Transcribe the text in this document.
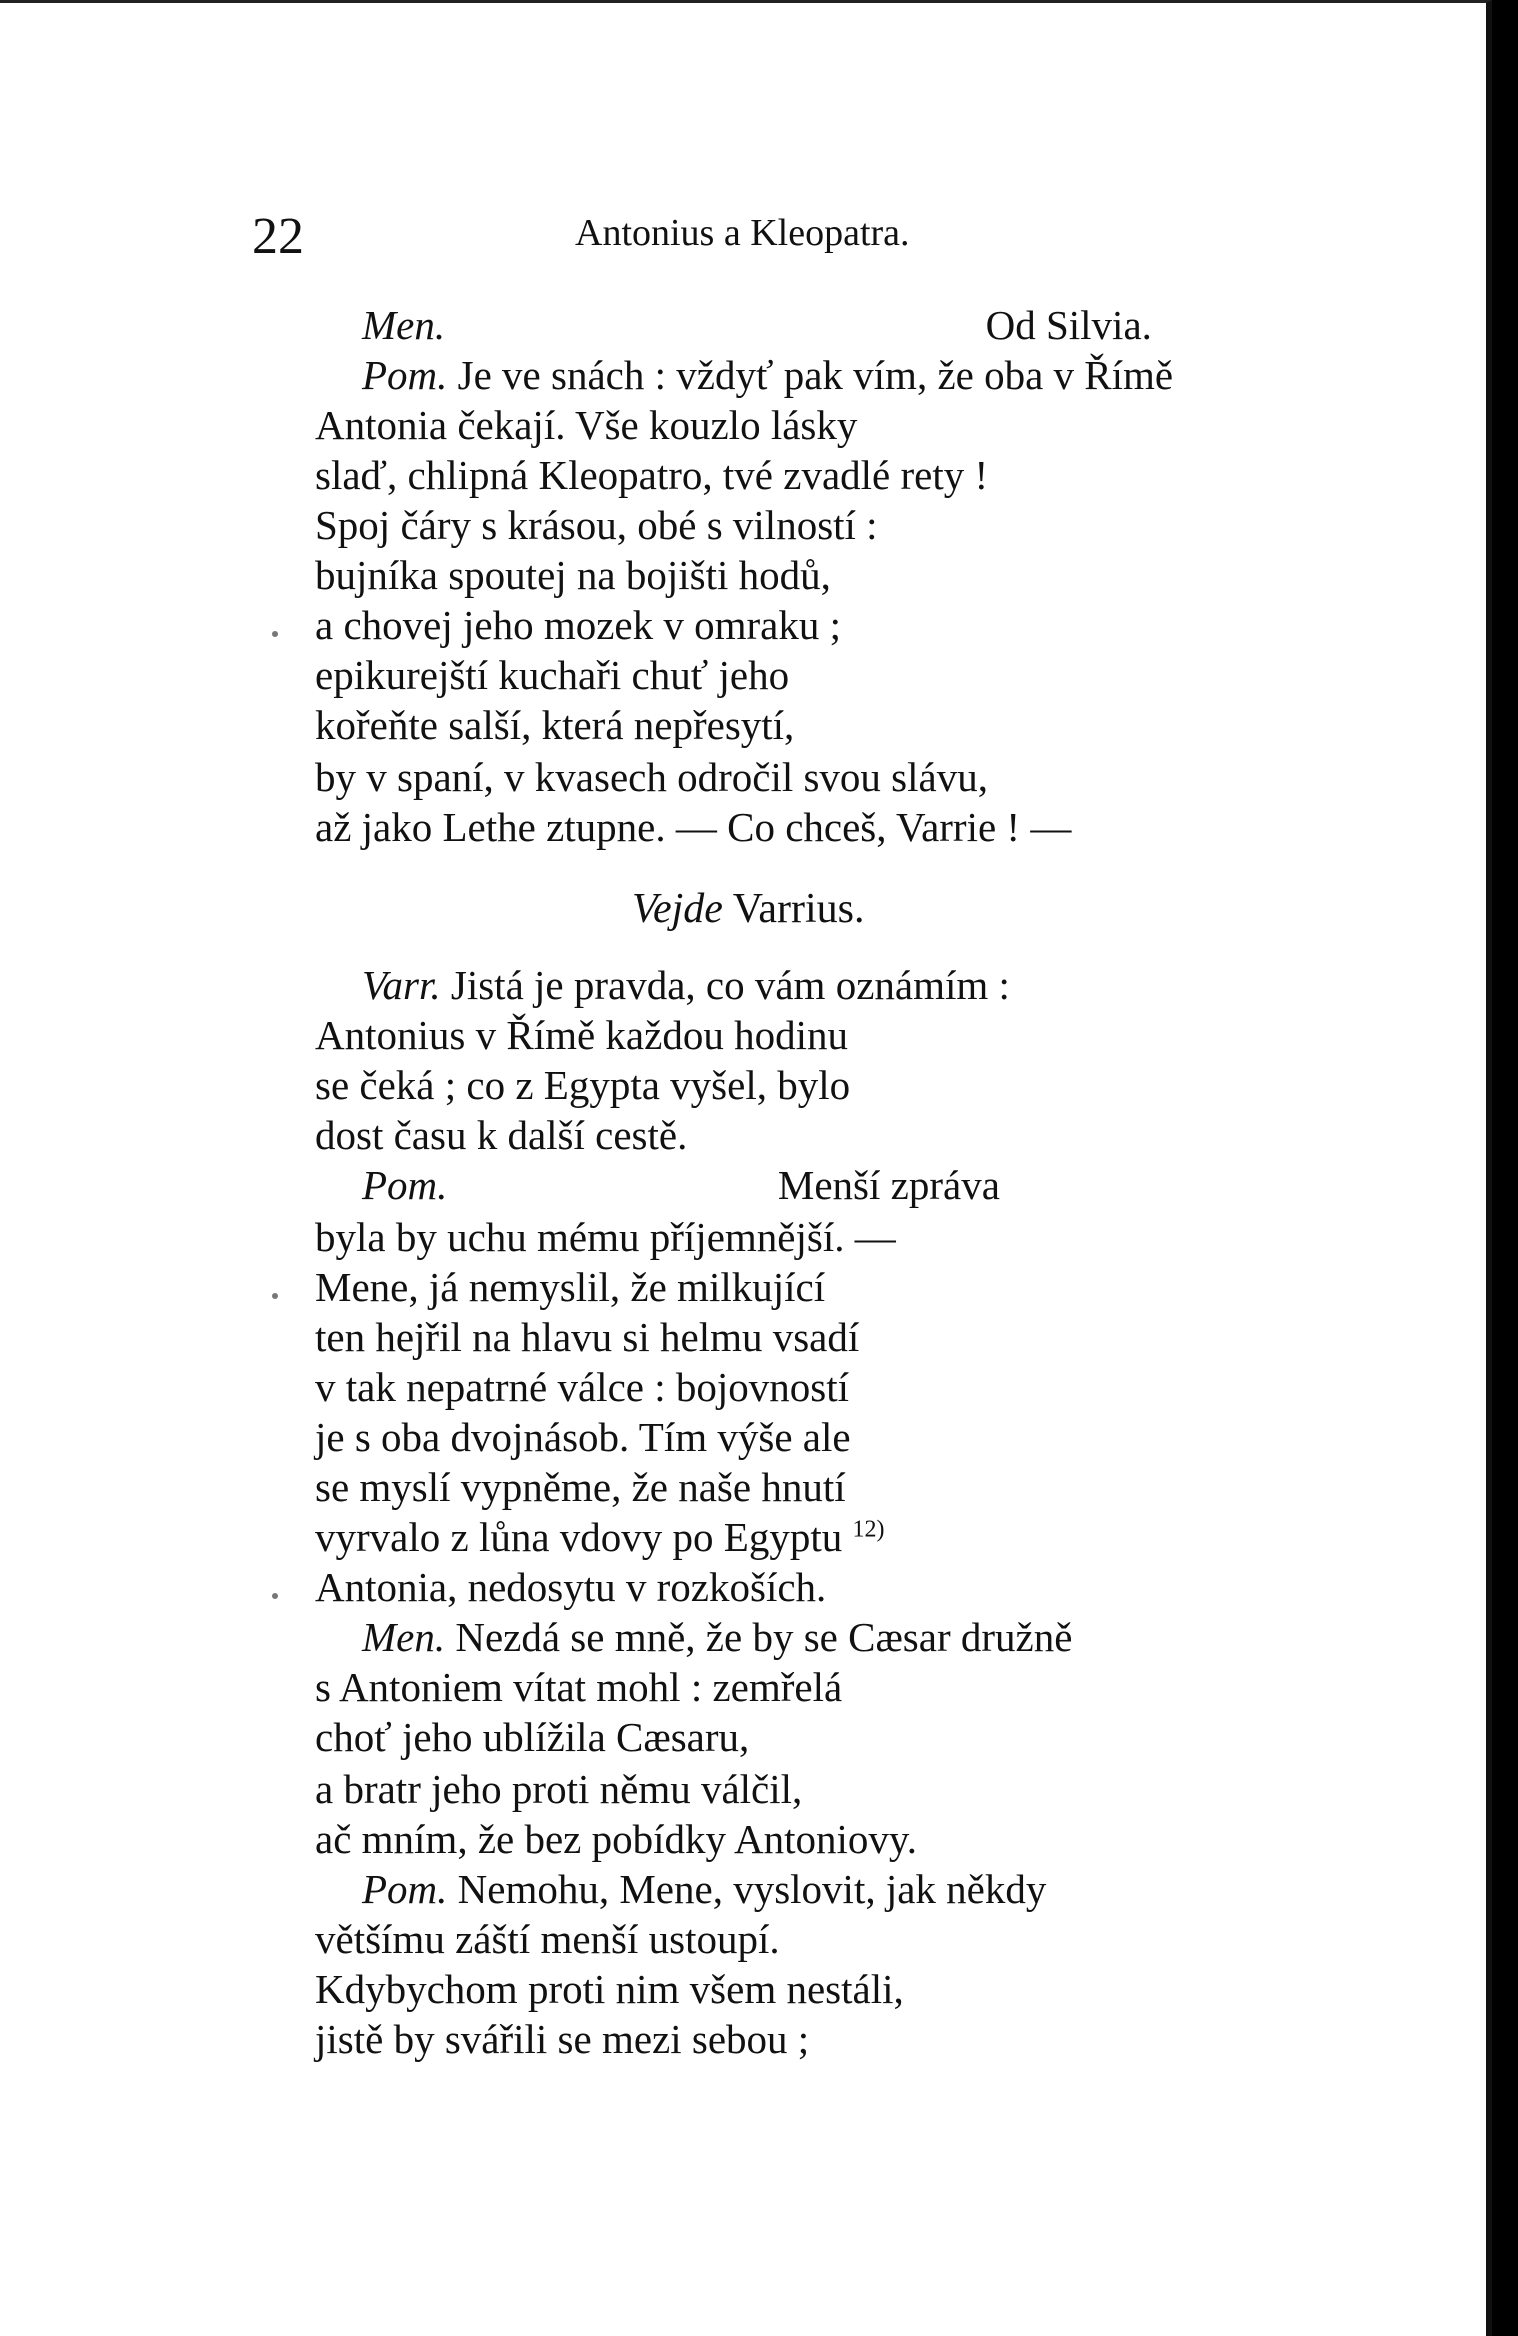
22	Antonius a Kleopatra.
Men.	Od Silvia.
Pom. Je ve snách : vždyť pak vím, že oba v Římě
Antonia čekají. Vše kouzlo lásky
slaď, chlipná Kleopatro, tvé zvadlé rety !
Spoj čáry s krásou, obé s vilností :
bujníka spoutej na bojišti hodů,
a chovej jeho mozek v omraku ;
epikurejští kuchaři chuť jeho
kořeňte salší, která nepřesytí,
by v spaní, v kvasech odročil svou slávu,
až jako Lethe ztupne. — Co chceš, Varrie ! —
Vejde Varrius.
Varr. Jistá je pravda, co vám oznámím :
Antonius v Římě každou hodinu
se čeká ; co z Egypta vyšel, bylo
dost času k další cestě.
Pom.	Menší zpráva
byla by uchu mému příjemnější. —
Mene, já nemyslil, že milkující
ten hejřil na hlavu si helmu vsadí
v tak nepatrné válce : bojovností
je s oba dvojnásob. Tím výše ale
se myslí vypněme, že naše hnutí
vyrvalo z lůna vdovy po Egyptu $^{12)}$
Antonia, nedosytu v rozkoších.
Men. Nezdá se mně, že by se Cæsar družně
s Antoniem vítat mohl : zemřelá
choť jeho ublížila Cæsaru,
a bratr jeho proti němu válčil,
ač mním, že bez pobídky Antoniovy.
Pom. Nemohu, Mene, vyslovit, jak někdy
většímu záští menší ustoupí.
Kdybychom proti nim všem nestáli,
jistě by svářili se mezi sebou ;
